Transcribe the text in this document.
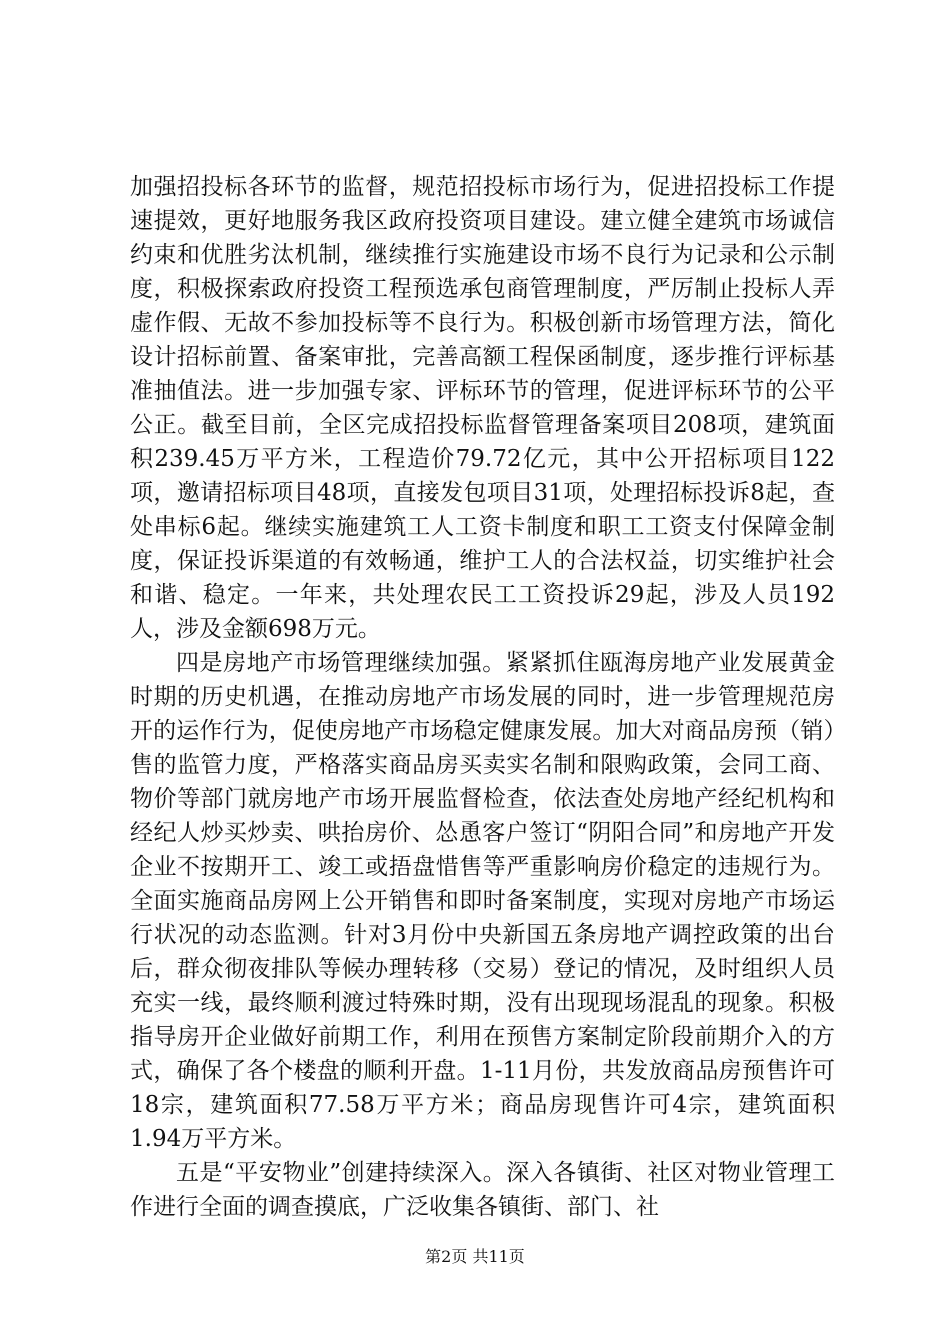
加强招投标各环节的监督，规范招投标市场行为，促进招投标工作提速提效，更好地服务我区政府投资项目建设。建立健全建筑市场诚信约束和优胜劣汰机制，继续推行实施建设市场不良行为记录和公示制度，积极探索政府投资工程预选承包商管理制度，严厉制止投标人弄虚作假、无故不参加投标等不良行为。积极创新市场管理方法，简化设计招标前置、备案审批，完善高额工程保函制度，逐步推行评标基准抽值法。进一步加强专家、评标环节的管理，促进评标环节的公平公正。截至目前，全区完成招投标监督管理备案项目208项，建筑面积239.45万平方米，工程造价79.72亿元，其中公开招标项目122项，邀请招标项目48项，直接发包项目31项，处理招标投诉8起，查处串标6起。继续实施建筑工人工资卡制度和职工工资支付保障金制度，保证投诉渠道的有效畅通，维护工人的合法权益，切实维护社会和谐、稳定。一年来，共处理农民工工资投诉29起，涉及人员192人，涉及金额698万元。

四是房地产市场管理继续加强。紧紧抓住瓯海房地产业发展黄金时期的历史机遇，在推动房地产市场发展的同时，进一步管理规范房开的运作行为，促使房地产市场稳定健康发展。加大对商品房预（销）售的监管力度，严格落实商品房买卖实名制和限购政策，会同工商、物价等部门就房地产市场开展监督检查，依法查处房地产经纪机构和经纪人炒买炒卖、哄抬房价、怂恿客户签订“阴阳合同”和房地产开发企业不按期开工、竣工或捂盘惜售等严重影响房价稳定的违规行为。全面实施商品房网上公开销售和即时备案制度，实现对房地产市场运行状况的动态监测。针对3月份中央新国五条房地产调控政策的出台后，群众彻夜排队等候办理转移（交易）登记的情况，及时组织人员充实一线，最终顺利渡过特殊时期，没有出现现场混乱的现象。积极指导房开企业做好前期工作，利用在预售方案制定阶段前期介入的方式，确保了各个楼盘的顺利开盘。1-11月份，共发放商品房预售许可18宗，建筑面积77.58万平方米；商品房现售许可4宗，建筑面积1.94万平方米。

五是“平安物业”创建持续深入。深入各镇街、社区对物业管理工作进行全面的调查摸底，广泛收集各镇街、部门、社

第2页 共11页
